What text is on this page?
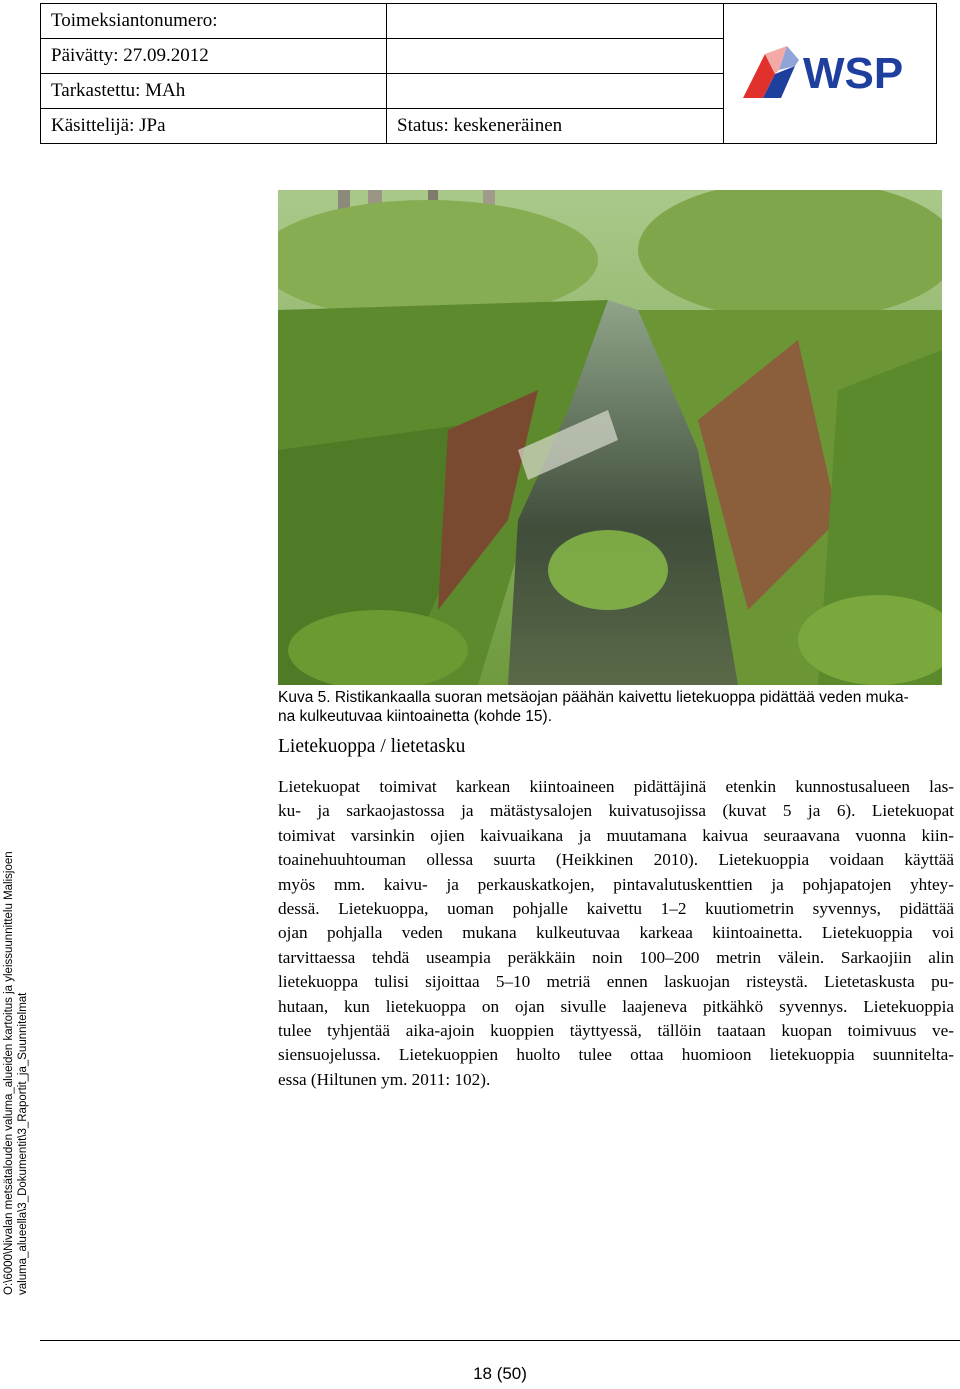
Toimeksiantonumero:		WSP

Päivätty: 27.09.2012		
Tarkastettu: MAh		
Käsittelijä: JPa	Status: keskeneräinen	
O:\6000\Nivalan metsätalouden valuma_alueiden kartoitus ja yleissuunnittelu Malisjoen valuma_alueella\3_Dokumentit\3_Raportit_ja_Suunnitelmat
Kuva 5. Ristikankaalla suoran metsäojan päähän kaivettu lietekuoppa pidättää veden muka-
na kulkeutuvaa kiintoainetta (kohde 15).
Lietekuoppa / lietetasku
Lietekuopat toimivat karkean kiintoaineen pidättäjinä etenkin kunnostusalueen las-
ku- ja sarkaojastossa ja mätästysalojen kuivatusojissa (kuvat 5 ja 6). Lietekuopat
toimivat varsinkin ojien kaivuaikana ja muutamana kaivua seuraavana vuonna kiin-
toainehuuhtouman ollessa suurta (Heikkinen 2010). Lietekuoppia voidaan käyttää
myös mm. kaivu- ja perkauskatkojen, pintavalutuskenttien ja pohjapatojen yhtey-
dessä. Lietekuoppa, uoman pohjalle kaivettu 1–2 kuutiometrin syvennys, pidättää
ojan pohjalla veden mukana kulkeutuvaa karkeaa kiintoainetta. Lietekuoppia voi
tarvittaessa tehdä useampia peräkkäin noin 100–200 metrin välein. Sarkaojiin alin
lietekuoppa tulisi sijoittaa 5–10 metriä ennen laskuojan risteystä. Lietetaskusta pu-
hutaan, kun lietekuoppa on ojan sivulle laajeneva pitkähkö syvennys. Lietekuoppia
tulee tyhjentää aika-ajoin kuoppien täyttyessä, tällöin taataan kuopan toimivuus ve-
siensuojelussa. Lietekuoppien huolto tulee ottaa huomioon lietekuoppia suunnitelta-
essa (Hiltunen ym. 2011: 102).
18 (50)
